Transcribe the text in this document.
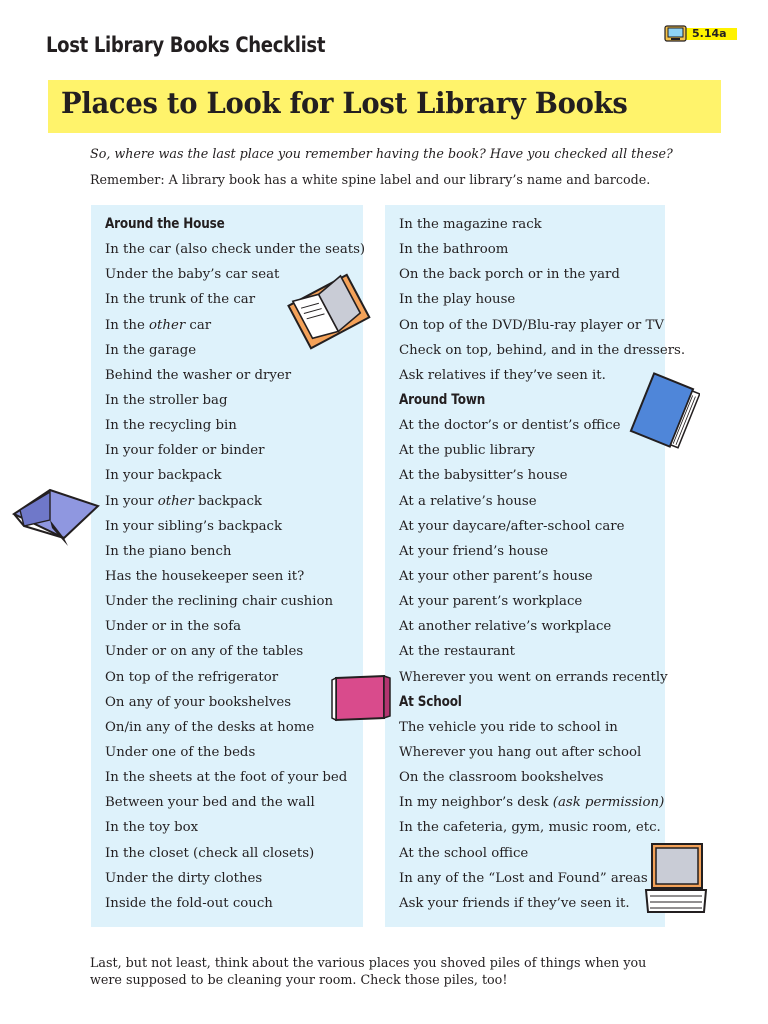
Lost Library Books Checklist	5.14a
Places to Look for Lost Library Books
So, where was the last place you remember having the book? Have you checked all these?
Remember: A library book has a white spine label and our library’s name and barcode.
Around the House
In the car (also check under the seats)
Under the baby’s car seat
In the trunk of the car
In the other car
In the garage
Behind the washer or dryer
In the stroller bag
In the recycling bin
In your folder or binder
In your backpack
In your other backpack
In your sibling’s backpack
In the piano bench
Has the housekeeper seen it?
Under the reclining chair cushion
Under or in the sofa
Under or on any of the tables
On top of the refrigerator
On any of your bookshelves
On/in any of the desks at home
Under one of the beds
In the sheets at the foot of your bed
Between your bed and the wall
In the toy box
In the closet (check all closets)
Under the dirty clothes
Inside the fold-out couch
In the magazine rack
In the bathroom
On the back porch or in the yard
In the play house
On top of the DVD/Blu-ray player or TV
Check on top, behind, and in the dressers.
Ask relatives if they’ve seen it.
Around Town
At the doctor’s or dentist’s office
At the public library
At the babysitter’s house
At a relative’s house
At your daycare/after-school care
At your friend’s house
At your other parent’s house
At your parent’s workplace
At another relative’s workplace
At the restaurant
Wherever you went on errands recently
At School
The vehicle you ride to school in
Wherever you hang out after school
On the classroom bookshelves
In my neighbor’s desk (ask permission)
In the cafeteria, gym, music room, etc.
At the school office
In any of the “Lost and Found” areas
Ask your friends if they’ve seen it.
Last, but not least, think about the various places you shoved piles of things when you
were supposed to be cleaning your room. Check those piles, too!
